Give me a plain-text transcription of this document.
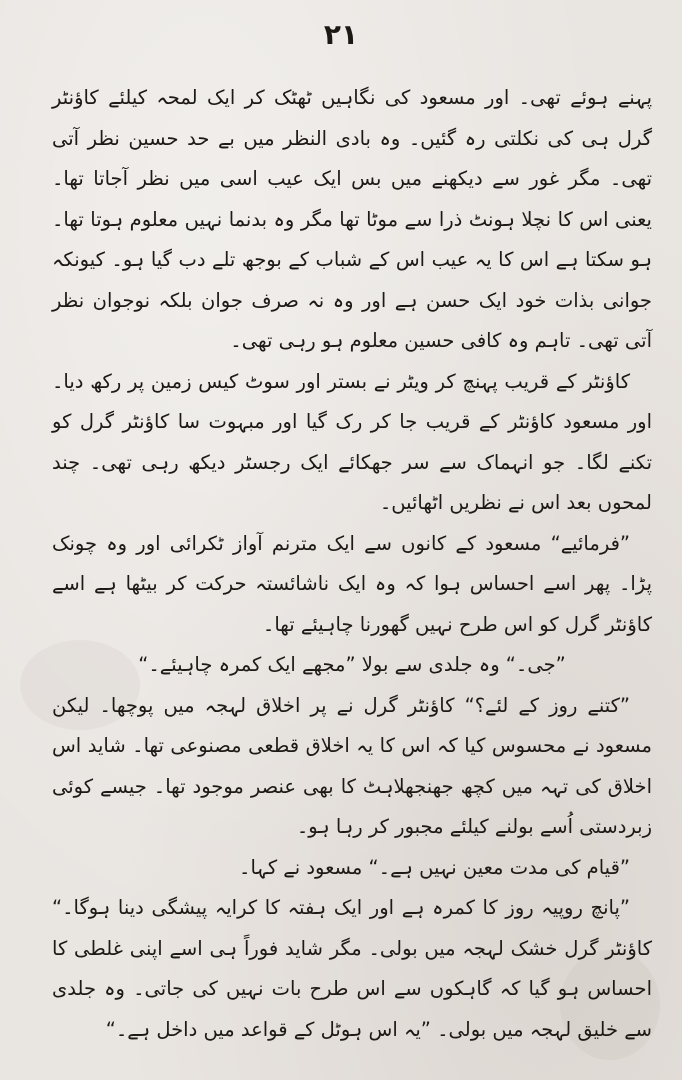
۲۱

پہنے ہوئے تھی۔ اور مسعود کی نگاہیں ٹھٹک کر ایک لمحہ کیلئے کاؤنٹر گرل ہی کی نکلتی رہ گئیں۔ وہ بادی النظر میں بے حد حسین نظر آتی تھی۔ مگر غور سے دیکھنے میں بس ایک عیب اسی میں نظر آجاتا تھا۔ یعنی اس کا نچلا ہونٹ ذرا سے موٹا تھا مگر وہ بدنما نہیں معلوم ہوتا تھا۔ ہو سکتا ہے اس کا یہ عیب اس کے شباب کے بوجھ تلے دب گیا ہو۔ کیونکہ جوانی بذات خود ایک حسن ہے اور وہ نہ صرف جوان بلکہ نوجوان نظر آتی تھی۔ تاہم وہ کافی حسین معلوم ہو رہی تھی۔

کاؤنٹر کے قریب پہنچ کر ویٹر نے بستر اور سوٹ کیس زمین پر رکھ دیا۔ اور مسعود کاؤنٹر کے قریب جا کر رک گیا اور مبہوت سا کاؤنٹر گرل کو تکنے لگا۔ جو انہماک سے سر جھکائے ایک رجسٹر دیکھ رہی تھی۔ چند لمحوں بعد اس نے نظریں اٹھائیں۔

”فرمائیے“ مسعود کے کانوں سے ایک مترنم آواز ٹکرائی اور وہ چونک پڑا۔ پھر اسے احساس ہوا کہ وہ ایک ناشائستہ حرکت کر بیٹھا ہے اسے کاؤنٹر گرل کو اس طرح نہیں گھورنا چاہیئے تھا۔

”جی۔“ وہ جلدی سے بولا ”مجھے ایک کمرہ چاہیئے۔“

”کتنے روز کے لئے؟“ کاؤنٹر گرل نے پر اخلاق لہجہ میں پوچھا۔ لیکن مسعود نے محسوس کیا کہ اس کا یہ اخلاق قطعی مصنوعی تھا۔ شاید اس اخلاق کی تہہ میں کچھ جھنجھلاہٹ کا بھی عنصر موجود تھا۔ جیسے کوئی زبردستی اُسے بولنے کیلئے مجبور کر رہا ہو۔

”قیام کی مدت معین نہیں ہے۔“ مسعود نے کہا۔

”پانچ روپیہ روز کا کمرہ ہے اور ایک ہفتہ کا کرایہ پیشگی دینا ہوگا۔“ کاؤنٹر گرل خشک لہجہ میں بولی۔ مگر شاید فوراً ہی اسے اپنی غلطی کا احساس ہو گیا کہ گاہکوں سے اس طرح بات نہیں کی جاتی۔ وہ جلدی سے خلیق لہجہ میں بولی۔ ”یہ اس ہوٹل کے قواعد میں داخل ہے۔“
